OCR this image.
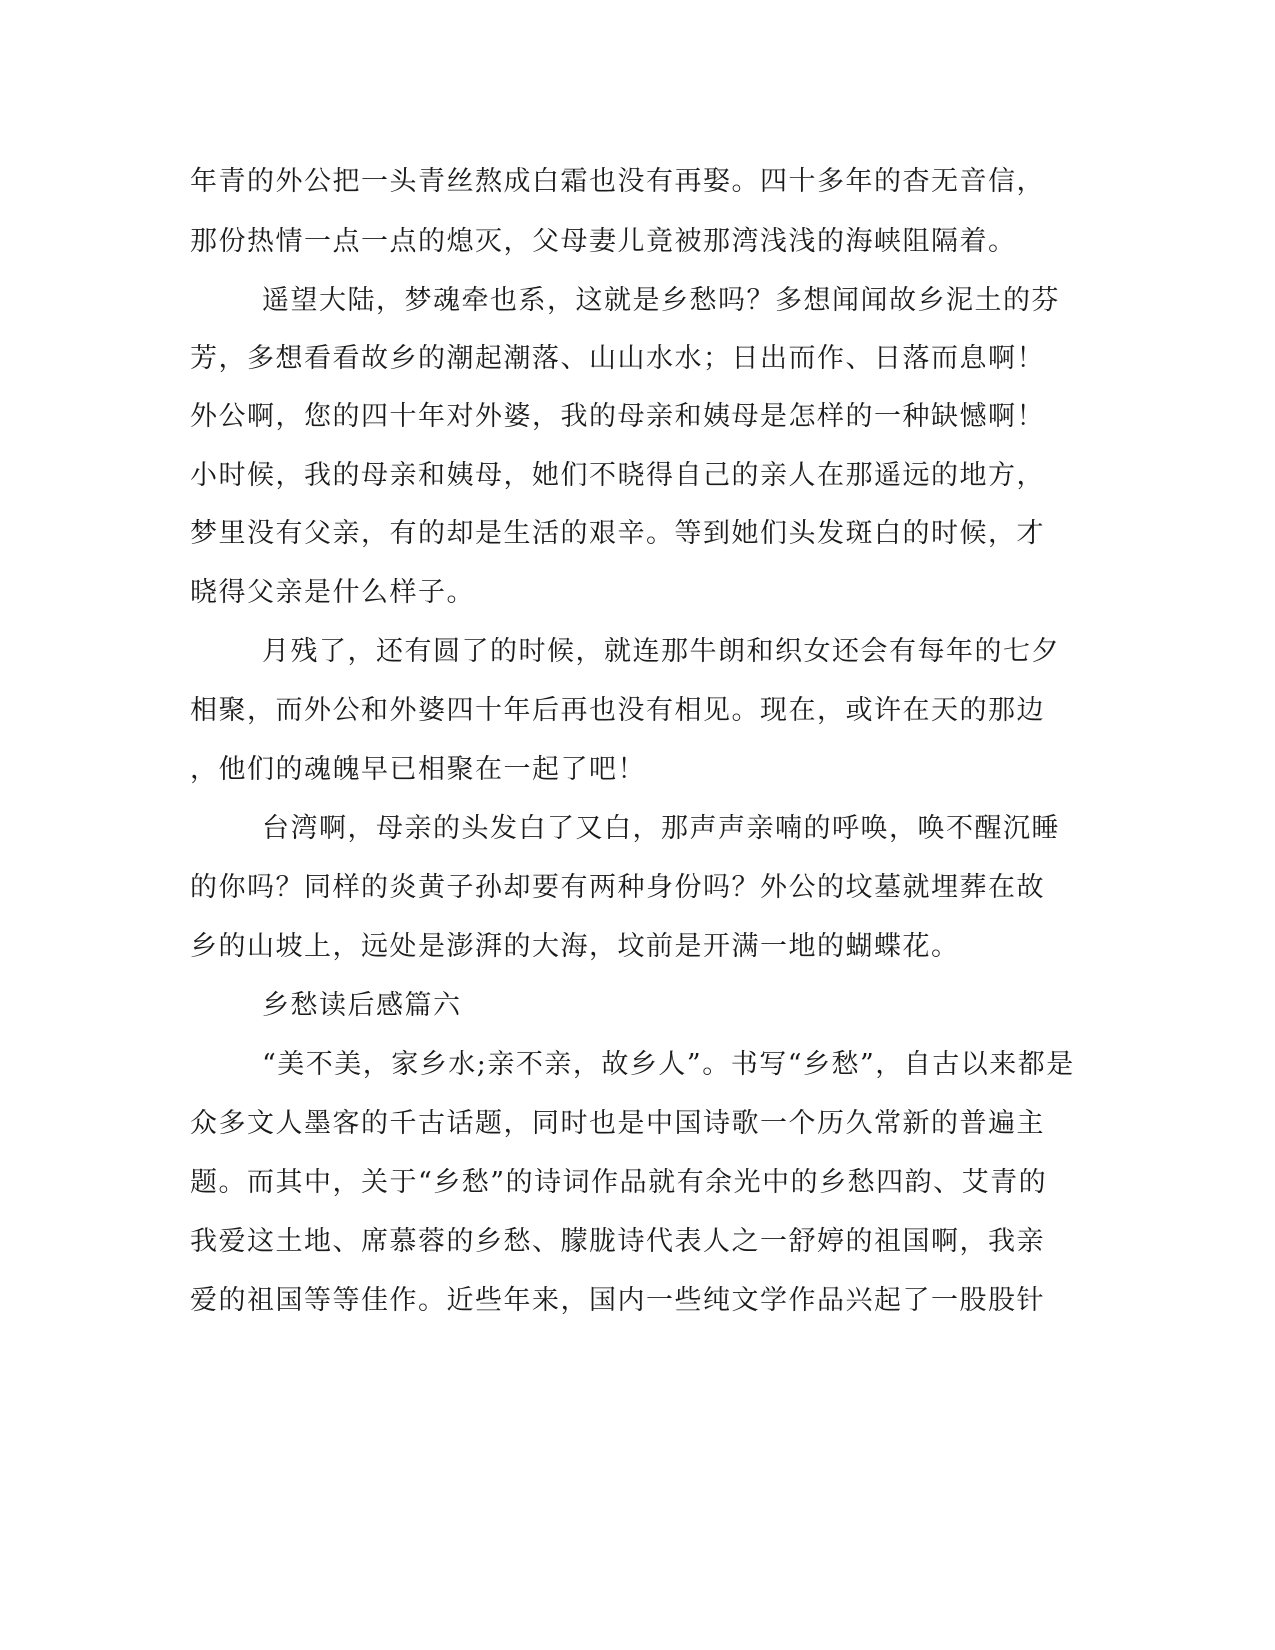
年青的外公把一头青丝熬成白霜也没有再娶。四十多年的杳无音信，
那份热情一点一点的熄灭，父母妻儿竟被那湾浅浅的海峡阻隔着。
遥望大陆，梦魂牵也系，这就是乡愁吗？多想闻闻故乡泥土的芬
芳，多想看看故乡的潮起潮落、山山水水；日出而作、日落而息啊！
外公啊，您的四十年对外婆，我的母亲和姨母是怎样的一种缺憾啊！
小时候，我的母亲和姨母，她们不晓得自己的亲人在那遥远的地方，
梦里没有父亲，有的却是生活的艰辛。等到她们头发斑白的时候，才
晓得父亲是什么样子。
月残了，还有圆了的时候，就连那牛朗和织女还会有每年的七夕
相聚，而外公和外婆四十年后再也没有相见。现在，或许在天的那边
，他们的魂魄早已相聚在一起了吧！
台湾啊，母亲的头发白了又白，那声声亲喃的呼唤，唤不醒沉睡
的你吗？同样的炎黄子孙却要有两种身份吗？外公的坟墓就埋葬在故
乡的山坡上，远处是澎湃的大海，坟前是开满一地的蝴蝶花。
乡愁读后感篇六
“美不美，家乡水;亲不亲，故乡人”。书写“乡愁”，自古以来都是
众多文人墨客的千古话题，同时也是中国诗歌一个历久常新的普遍主
题。而其中，关于“乡愁”的诗词作品就有余光中的乡愁四韵、艾青的
我爱这土地、席慕蓉的乡愁、朦胧诗代表人之一舒婷的祖国啊，我亲
爱的祖国等等佳作。近些年来，国内一些纯文学作品兴起了一股股针
